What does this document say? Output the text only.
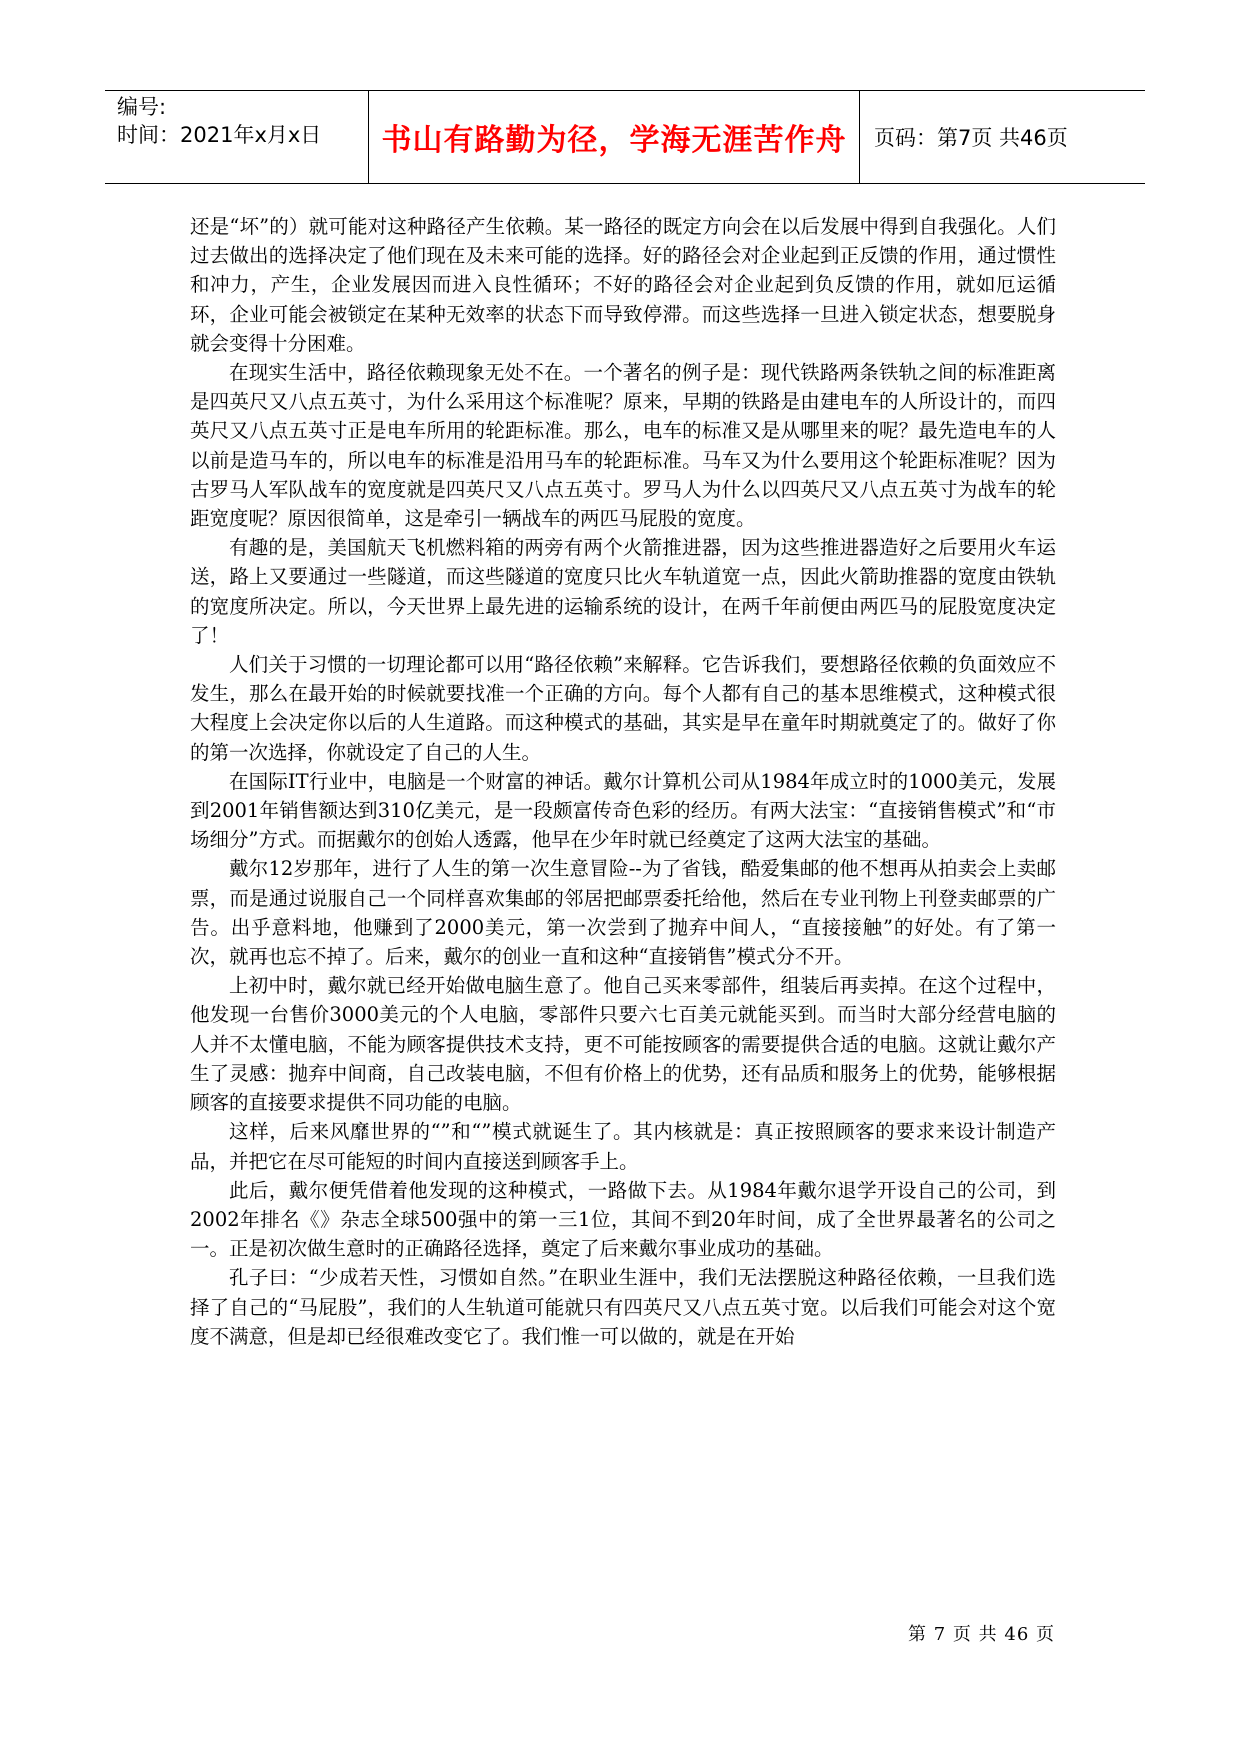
编号:
时间：2021年x月x日 书山有路勤为径，学海无涯苦作舟 页码：第7页 共46页

还是“坏”的）就可能对这种路径产生依赖。某一路径的既定方向会在以后发展中得到自我强化。人们过去做出的选择决定了他们现在及未来可能的选择。好的路径会对企业起到正反馈的作用，通过惯性和冲力，产生，企业发展因而进入良性循环；不好的路径会对企业起到负反馈的作用，就如厄运循环，企业可能会被锁定在某种无效率的状态下而导致停滞。而这些选择一旦进入锁定状态，想要脱身就会变得十分困难。

在现实生活中，路径依赖现象无处不在。一个著名的例子是：现代铁路两条铁轨之间的标准距离是四英尺又八点五英寸，为什么采用这个标准呢？原来，早期的铁路是由建电车的人所设计的，而四英尺又八点五英寸正是电车所用的轮距标准。那么，电车的标准又是从哪里来的呢？最先造电车的人以前是造马车的，所以电车的标准是沿用马车的轮距标准。马车又为什么要用这个轮距标准呢？因为古罗马人军队战车的宽度就是四英尺又八点五英寸。罗马人为什么以四英尺又八点五英寸为战车的轮距宽度呢？原因很简单，这是牵引一辆战车的两匹马屁股的宽度。

有趣的是，美国航天飞机燃料箱的两旁有两个火箭推进器，因为这些推进器造好之后要用火车运送，路上又要通过一些隧道，而这些隧道的宽度只比火车轨道宽一点，因此火箭助推器的宽度由铁轨的宽度所决定。所以，今天世界上最先进的运输系统的设计，在两千年前便由两匹马的屁股宽度决定了！

人们关于习惯的一切理论都可以用“路径依赖”来解释。它告诉我们，要想路径依赖的负面效应不发生，那么在最开始的时候就要找准一个正确的方向。每个人都有自己的基本思维模式，这种模式很大程度上会决定你以后的人生道路。而这种模式的基础，其实是早在童年时期就奠定了的。做好了你的第一次选择，你就设定了自己的人生。

在国际IT行业中，电脑是一个财富的神话。戴尔计算机公司从1984年成立时的1000美元，发展到2001年销售额达到310亿美元，是一段颇富传奇色彩的经历。有两大法宝：“直接销售模式”和“市场细分”方式。而据戴尔的创始人透露，他早在少年时就已经奠定了这两大法宝的基础。

戴尔12岁那年，进行了人生的第一次生意冒险--为了省钱，酷爱集邮的他不想再从拍卖会上卖邮票，而是通过说服自己一个同样喜欢集邮的邻居把邮票委托给他，然后在专业刊物上刊登卖邮票的广告。出乎意料地，他赚到了2000美元，第一次尝到了抛弃中间人，“直接接触”的好处。有了第一次，就再也忘不掉了。后来，戴尔的创业一直和这种“直接销售”模式分不开。

上初中时，戴尔就已经开始做电脑生意了。他自己买来零部件，组装后再卖掉。在这个过程中，他发现一台售价3000美元的个人电脑，零部件只要六七百美元就能买到。而当时大部分经营电脑的人并不太懂电脑，不能为顾客提供技术支持，更不可能按顾客的需要提供合适的电脑。这就让戴尔产生了灵感：抛弃中间商，自己改装电脑，不但有价格上的优势，还有品质和服务上的优势，能够根据顾客的直接要求提供不同功能的电脑。

这样，后来风靡世界的“”和“”模式就诞生了。其内核就是：真正按照顾客的要求来设计制造产品，并把它在尽可能短的时间内直接送到顾客手上。

此后，戴尔便凭借着他发现的这种模式，一路做下去。从1984年戴尔退学开设自己的公司，到2002年排名《》杂志全球500强中的第一三1位，其间不到20年时间，成了全世界最著名的公司之一。正是初次做生意时的正确路径选择，奠定了后来戴尔事业成功的基础。

孔子曰：“少成若天性，习惯如自然。”在职业生涯中，我们无法摆脱这种路径依赖，一旦我们选择了自己的“马屁股”，我们的人生轨道可能就只有四英尺又八点五英寸宽。以后我们可能会对这个宽度不满意，但是却已经很难改变它了。我们惟一可以做的，就是在开始

第 7 页 共 46 页
